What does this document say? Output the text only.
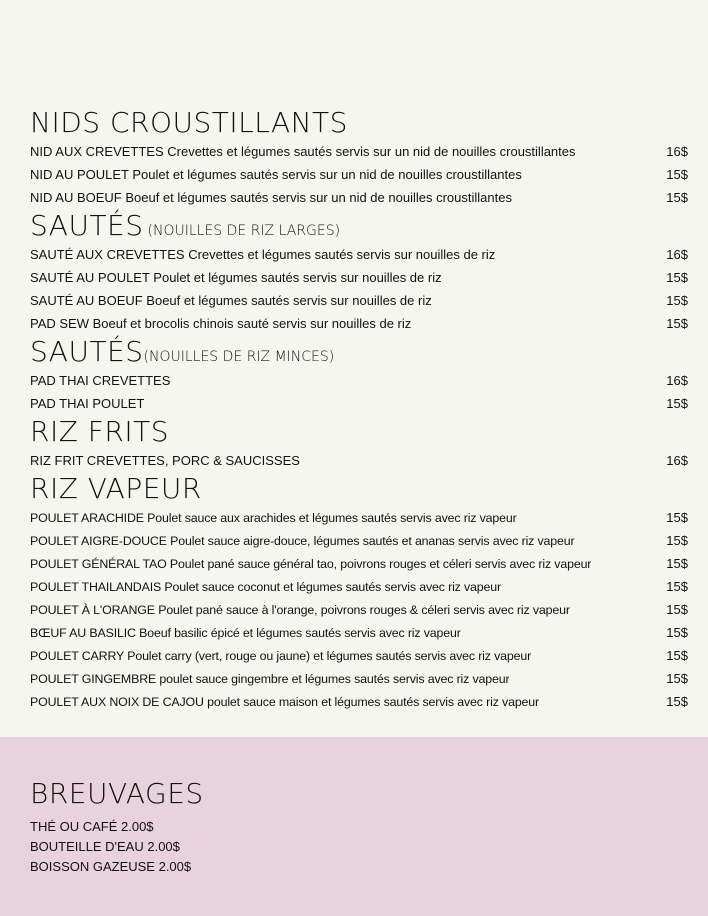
NIDS CROUSTILLANTS
NID AUX CREVETTES Crevettes et légumes sautés servis sur un nid de nouilles croustillantes	16$
NID AU POULET Poulet et légumes sautés servis sur un nid de nouilles croustillantes	15$
NID AU BOEUF Boeuf et légumes sautés servis sur un nid de nouilles croustillantes	15$
SAUTÉS (NOUILLES DE RIZ LARGES)
SAUTÉ AUX CREVETTES Crevettes et légumes sautés servis sur nouilles de riz	16$
SAUTÉ AU POULET Poulet et légumes sautés servis sur nouilles de riz	15$
SAUTÉ AU BOEUF Boeuf et légumes sautés servis sur nouilles de riz	15$
PAD SEW Boeuf et brocolis chinois sauté servis sur nouilles de riz	15$
SAUTÉS(NOUILLES DE RIZ MINCES)
PAD THAI CREVETTES	16$
PAD THAI POULET	15$
RIZ FRITS
RIZ FRIT CREVETTES, PORC & SAUCISSES	16$
RIZ VAPEUR
POULET ARACHIDE Poulet sauce aux arachides et légumes sautés servis avec riz vapeur	15$
POULET AIGRE-DOUCE Poulet sauce aigre-douce, légumes sautés et ananas servis avec riz vapeur	15$
POULET GÉNÉRAL TAO Poulet pané sauce général tao, poivrons rouges et céleri servis avec riz vapeur	15$
POULET THAILANDAIS Poulet sauce coconut et légumes sautés servis avec riz vapeur	15$
POULET À L'ORANGE Poulet pané sauce à l'orange, poivrons rouges & céleri servis avec riz vapeur	15$
BŒUF AU BASILIC Boeuf basilic épicé et légumes sautés servis avec riz vapeur	15$
POULET CARRY Poulet carry (vert, rouge ou jaune) et légumes sautés servis avec riz vapeur	15$
POULET GINGEMBRE poulet sauce gingembre et légumes sautés servis avec riz vapeur	15$
POULET AUX NOIX DE CAJOU poulet sauce maison et légumes sautés servis avec riz vapeur	15$
BREUVAGES
THÉ OU CAFÉ 2.00$
BOUTEILLE D'EAU 2.00$
BOISSON GAZEUSE 2.00$
